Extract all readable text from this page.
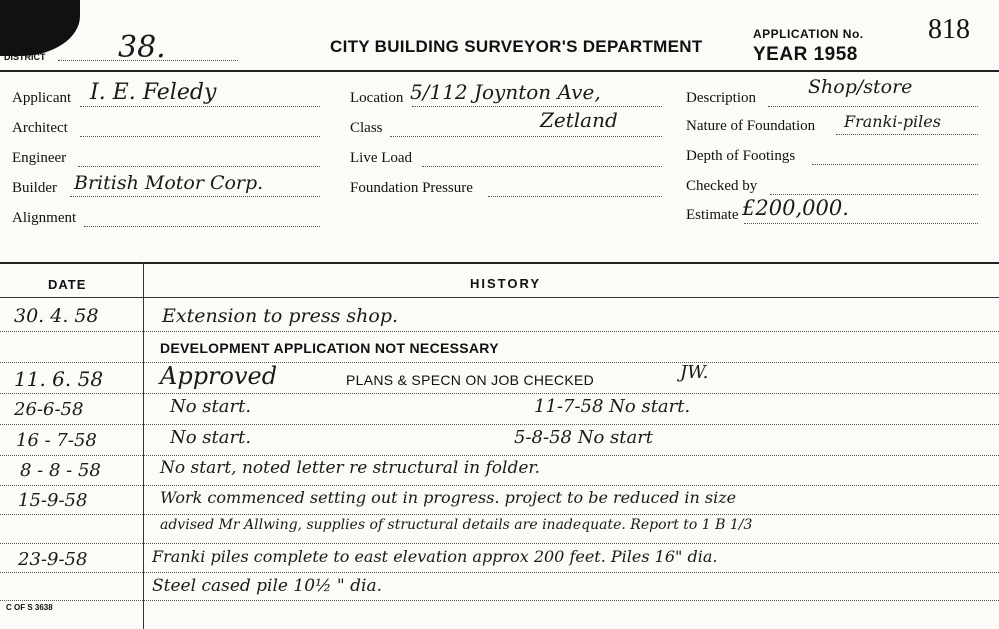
DISTRICT 38.	CITY BUILDING SURVEYOR'S DEPARTMENT
APPLICATION No. 818
YEAR 1958
Applicant I. E. Feledy
Architect
Engineer
Builder British Motor Corp.
Alignment
Location 5/112 Joynton Ave,
Class	Zetland
Live Load
Foundation Pressure
Description	Shop/store
Nature of Foundation Franki-piles
Depth of Footings
Checked by
Estimate £200,000.
DATE	HISTORY
30. 4. 58	Extension to press shop.
DEVELOPMENT APPLICATION NOT NECESSARY
11. 6. 58 Approved	PLANS & SPECN ON JOB CHECKED	JW.
26-6-58	No start.	11-7-58 No start.
16 - 7-58	No start.	5-8-58 No start
8 - 8 - 58	No start, noted letter re structural in folder.
15-9-58	Work commenced setting out in progress. project to be reduced in size
advised Mr Allwing, supplies of structural details are inadequate. Report to 1 B 1/3
23-9-58	Franki piles complete to east elevation approx 200 feet. Piles 16" dia.
Steel cased pile 10½ " dia.
C OF S 3638
